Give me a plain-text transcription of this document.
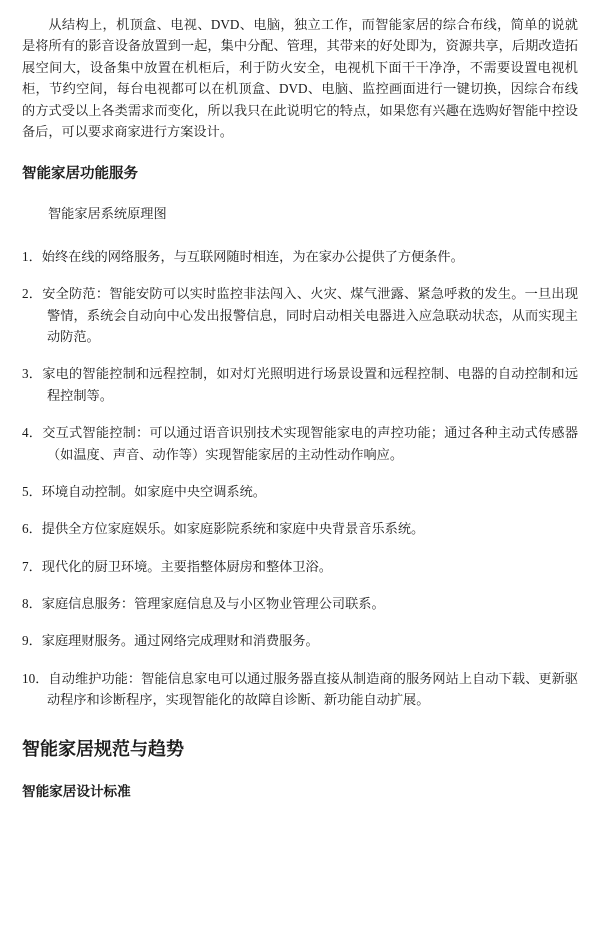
从结构上，机顶盒、电视、DVD、电脑，独立工作，而智能家居的综合布线，简单的说就是将所有的影音设备放置到一起，集中分配、管理，其带来的好处即为，资源共享，后期改造拓展空间大，设备集中放置在机柜后，利于防火安全，电视机下面干干净净，不需要设置电视机柜，节约空间，每台电视都可以在机顶盒、DVD、电脑、监控画面进行一键切换，因综合布线的方式受以上各类需求而变化，所以我只在此说明它的特点，如果您有兴趣在选购好智能中控设备后，可以要求商家进行方案设计。

智能家居功能服务
智能家居系统原理图
1．始终在线的网络服务，与互联网随时相连，为在家办公提供了方便条件。
2．安全防范：智能安防可以实时监控非法闯入、火灾、煤气泄露、紧急呼救的发生。一旦出现警情，系统会自动向中心发出报警信息，同时启动相关电器进入应急联动状态，从而实现主动防范。
3．家电的智能控制和远程控制，如对灯光照明进行场景设置和远程控制、电器的自动控制和远程控制等。
4．交互式智能控制：可以通过语音识别技术实现智能家电的声控功能；通过各种主动式传感器（如温度、声音、动作等）实现智能家居的主动性动作响应。
5．环境自动控制。如家庭中央空调系统。
6．提供全方位家庭娱乐。如家庭影院系统和家庭中央背景音乐系统。
7．现代化的厨卫环境。主要指整体厨房和整体卫浴。
8．家庭信息服务：管理家庭信息及与小区物业管理公司联系。
9．家庭理财服务。通过网络完成理财和消费服务。
10．自动维护功能：智能信息家电可以通过服务器直接从制造商的服务网站上自动下载、更新驱动程序和诊断程序，实现智能化的故障自诊断、新功能自动扩展。
智能家居规范与趋势
智能家居设计标准
